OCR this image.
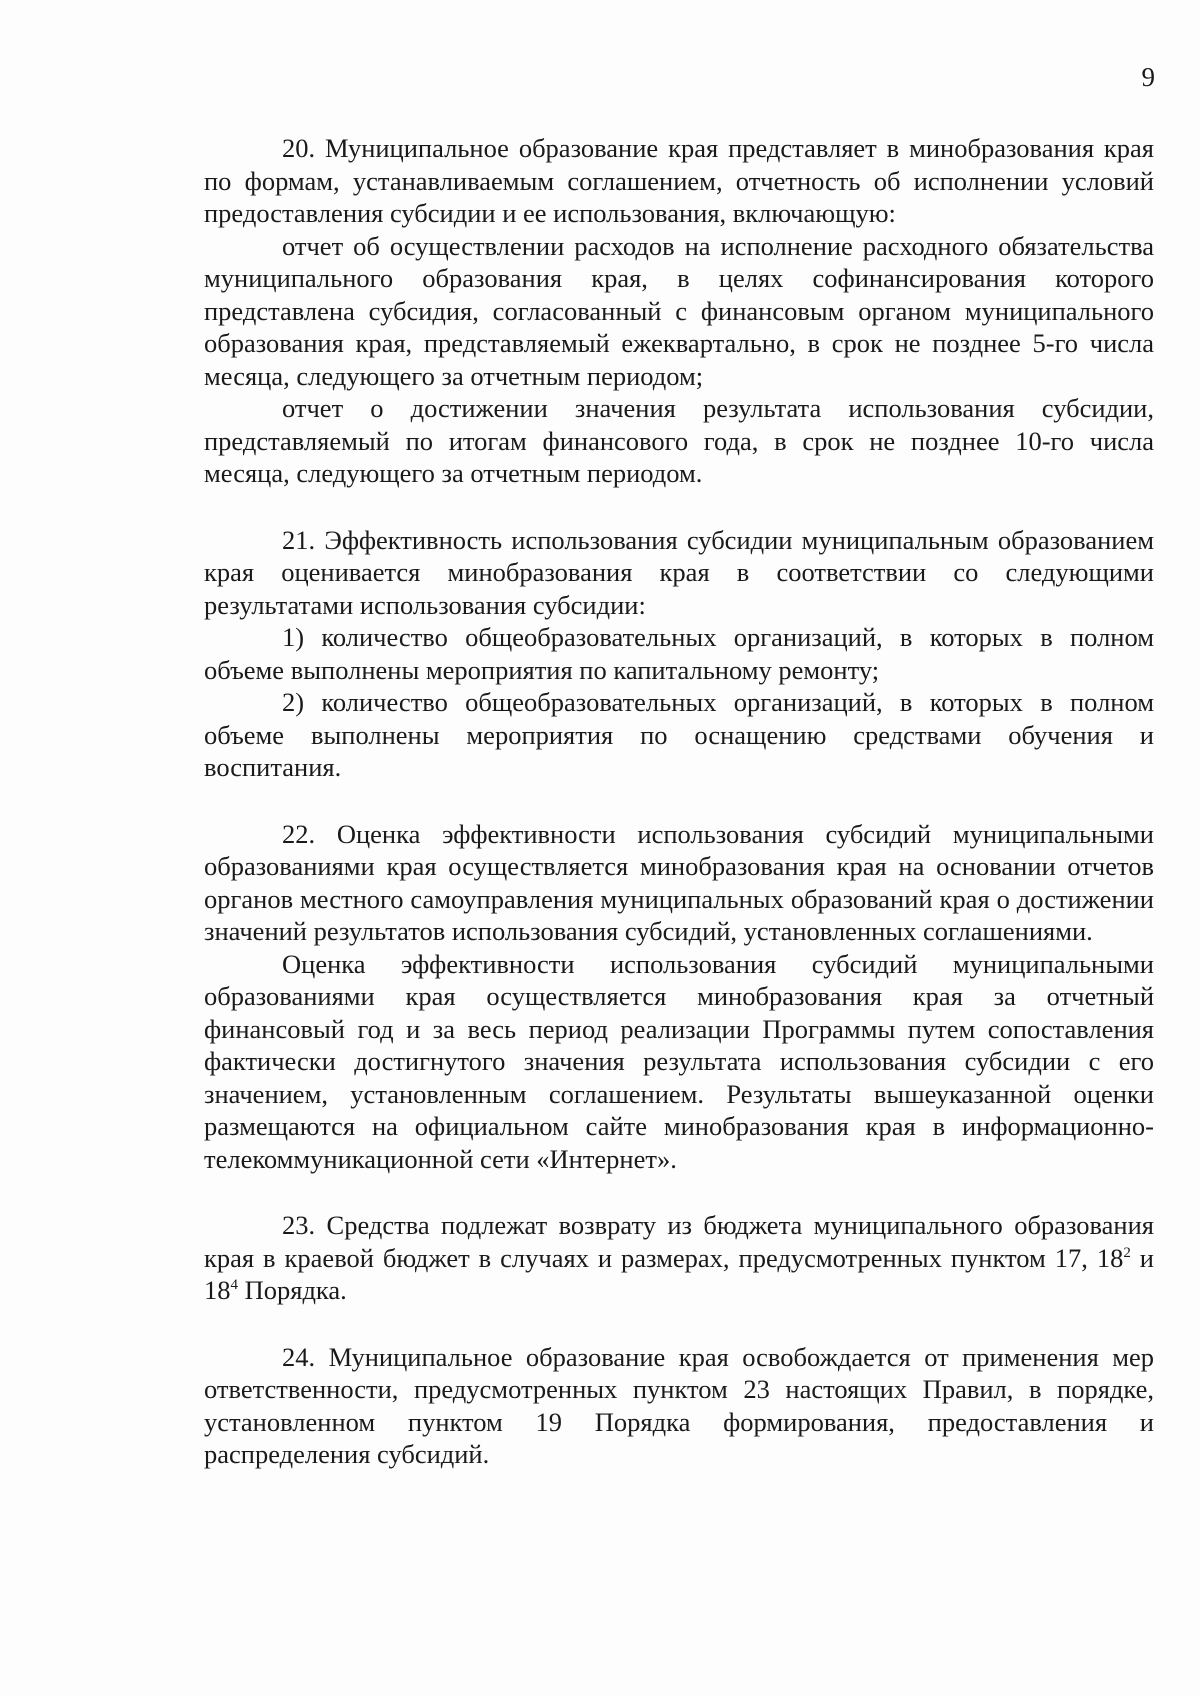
9

20. Муниципальное образование края представляет в минобразования края по формам, устанавливаемым соглашением, отчетность об исполнении условий предоставления субсидии и ее использования, включающую:

отчет об осуществлении расходов на исполнение расходного обязательства муниципального образования края, в целях софинансирования которого представлена субсидия, согласованный с финансовым органом муниципального образования края, представляемый ежеквартально, в срок не позднее 5-го числа месяца, следующего за отчетным периодом;

отчет о достижении значения результата использования субсидии, представляемый по итогам финансового года, в срок не позднее 10-го числа месяца, следующего за отчетным периодом.

21. Эффективность использования субсидии муниципальным образованием края оценивается минобразования края в соответствии со следующими результатами использования субсидии:

1) количество общеобразовательных организаций, в которых в полном объеме выполнены мероприятия по капитальному ремонту;

2) количество общеобразовательных организаций, в которых в полном объеме выполнены мероприятия по оснащению средствами обучения и воспитания.

22. Оценка эффективности использования субсидий муниципальными образованиями края осуществляется минобразования края на основании отчетов органов местного самоуправления муниципальных образований края о достижении значений результатов использования субсидий, установленных соглашениями.

Оценка эффективности использования субсидий муниципальными образованиями края осуществляется минобразования края за отчетный финансовый год и за весь период реализации Программы путем сопоставления фактически достигнутого значения результата использования субсидии с его значением, установленным соглашением. Результаты вышеуказанной оценки размещаются на официальном сайте минобразования края в информационно-телекоммуникационной сети «Интернет».

23. Средства подлежат возврату из бюджета муниципального образования края в краевой бюджет в случаях и размерах, предусмотренных пунктом 17, $18^2$ и $18^4$ Порядка.

24. Муниципальное образование края освобождается от применения мер ответственности, предусмотренных пунктом 23 настоящих Правил, в порядке, установленном пунктом 19 Порядка формирования, предоставления и распределения субсидий.
